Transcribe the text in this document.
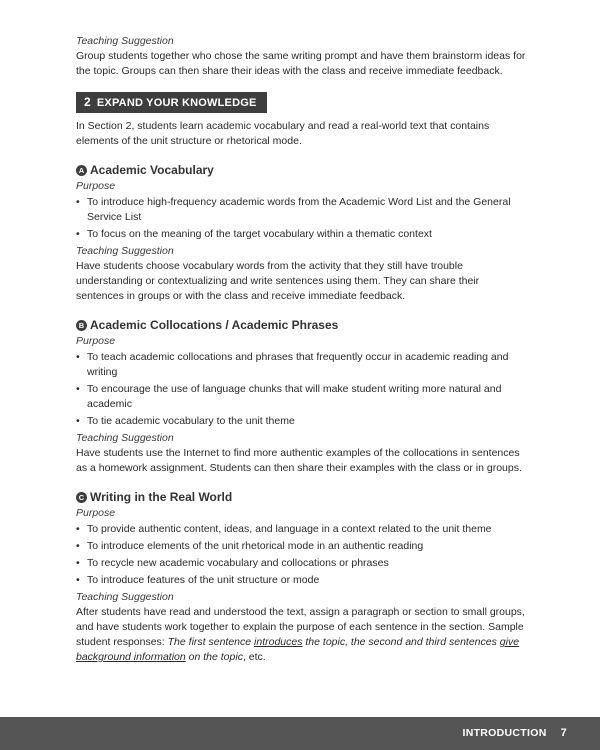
Teaching Suggestion

Group students together who chose the same writing prompt and have them brainstorm ideas for the topic. Groups can then share their ideas with the class and receive immediate feedback.

2 EXPAND YOUR KNOWLEDGE

In Section 2, students learn academic vocabulary and read a real-world text that contains elements of the unit structure or rhetorical mode.

A Academic Vocabulary

Purpose

• To introduce high-frequency academic words from the Academic Word List and the General Service List
• To focus on the meaning of the target vocabulary within a thematic context

Teaching Suggestion

Have students choose vocabulary words from the activity that they still have trouble understanding or contextualizing and write sentences using them. They can share their sentences in groups or with the class and receive immediate feedback.

B Academic Collocations / Academic Phrases

Purpose

• To teach academic collocations and phrases that frequently occur in academic reading and writing
• To encourage the use of language chunks that will make student writing more natural and academic
• To tie academic vocabulary to the unit theme

Teaching Suggestion

Have students use the Internet to find more authentic examples of the collocations in sentences as a homework assignment. Students can then share their examples with the class or in groups.

C Writing in the Real World

Purpose

• To provide authentic content, ideas, and language in a context related to the unit theme
• To introduce elements of the unit rhetorical mode in an authentic reading
• To recycle new academic vocabulary and collocations or phrases
• To introduce features of the unit structure or mode

Teaching Suggestion

After students have read and understood the text, assign a paragraph or section to small groups, and have students work together to explain the purpose of each sentence in the section. Sample student responses: The first sentence introduces the topic, the second and third sentences give background information on the topic, etc.

INTRODUCTION 7
